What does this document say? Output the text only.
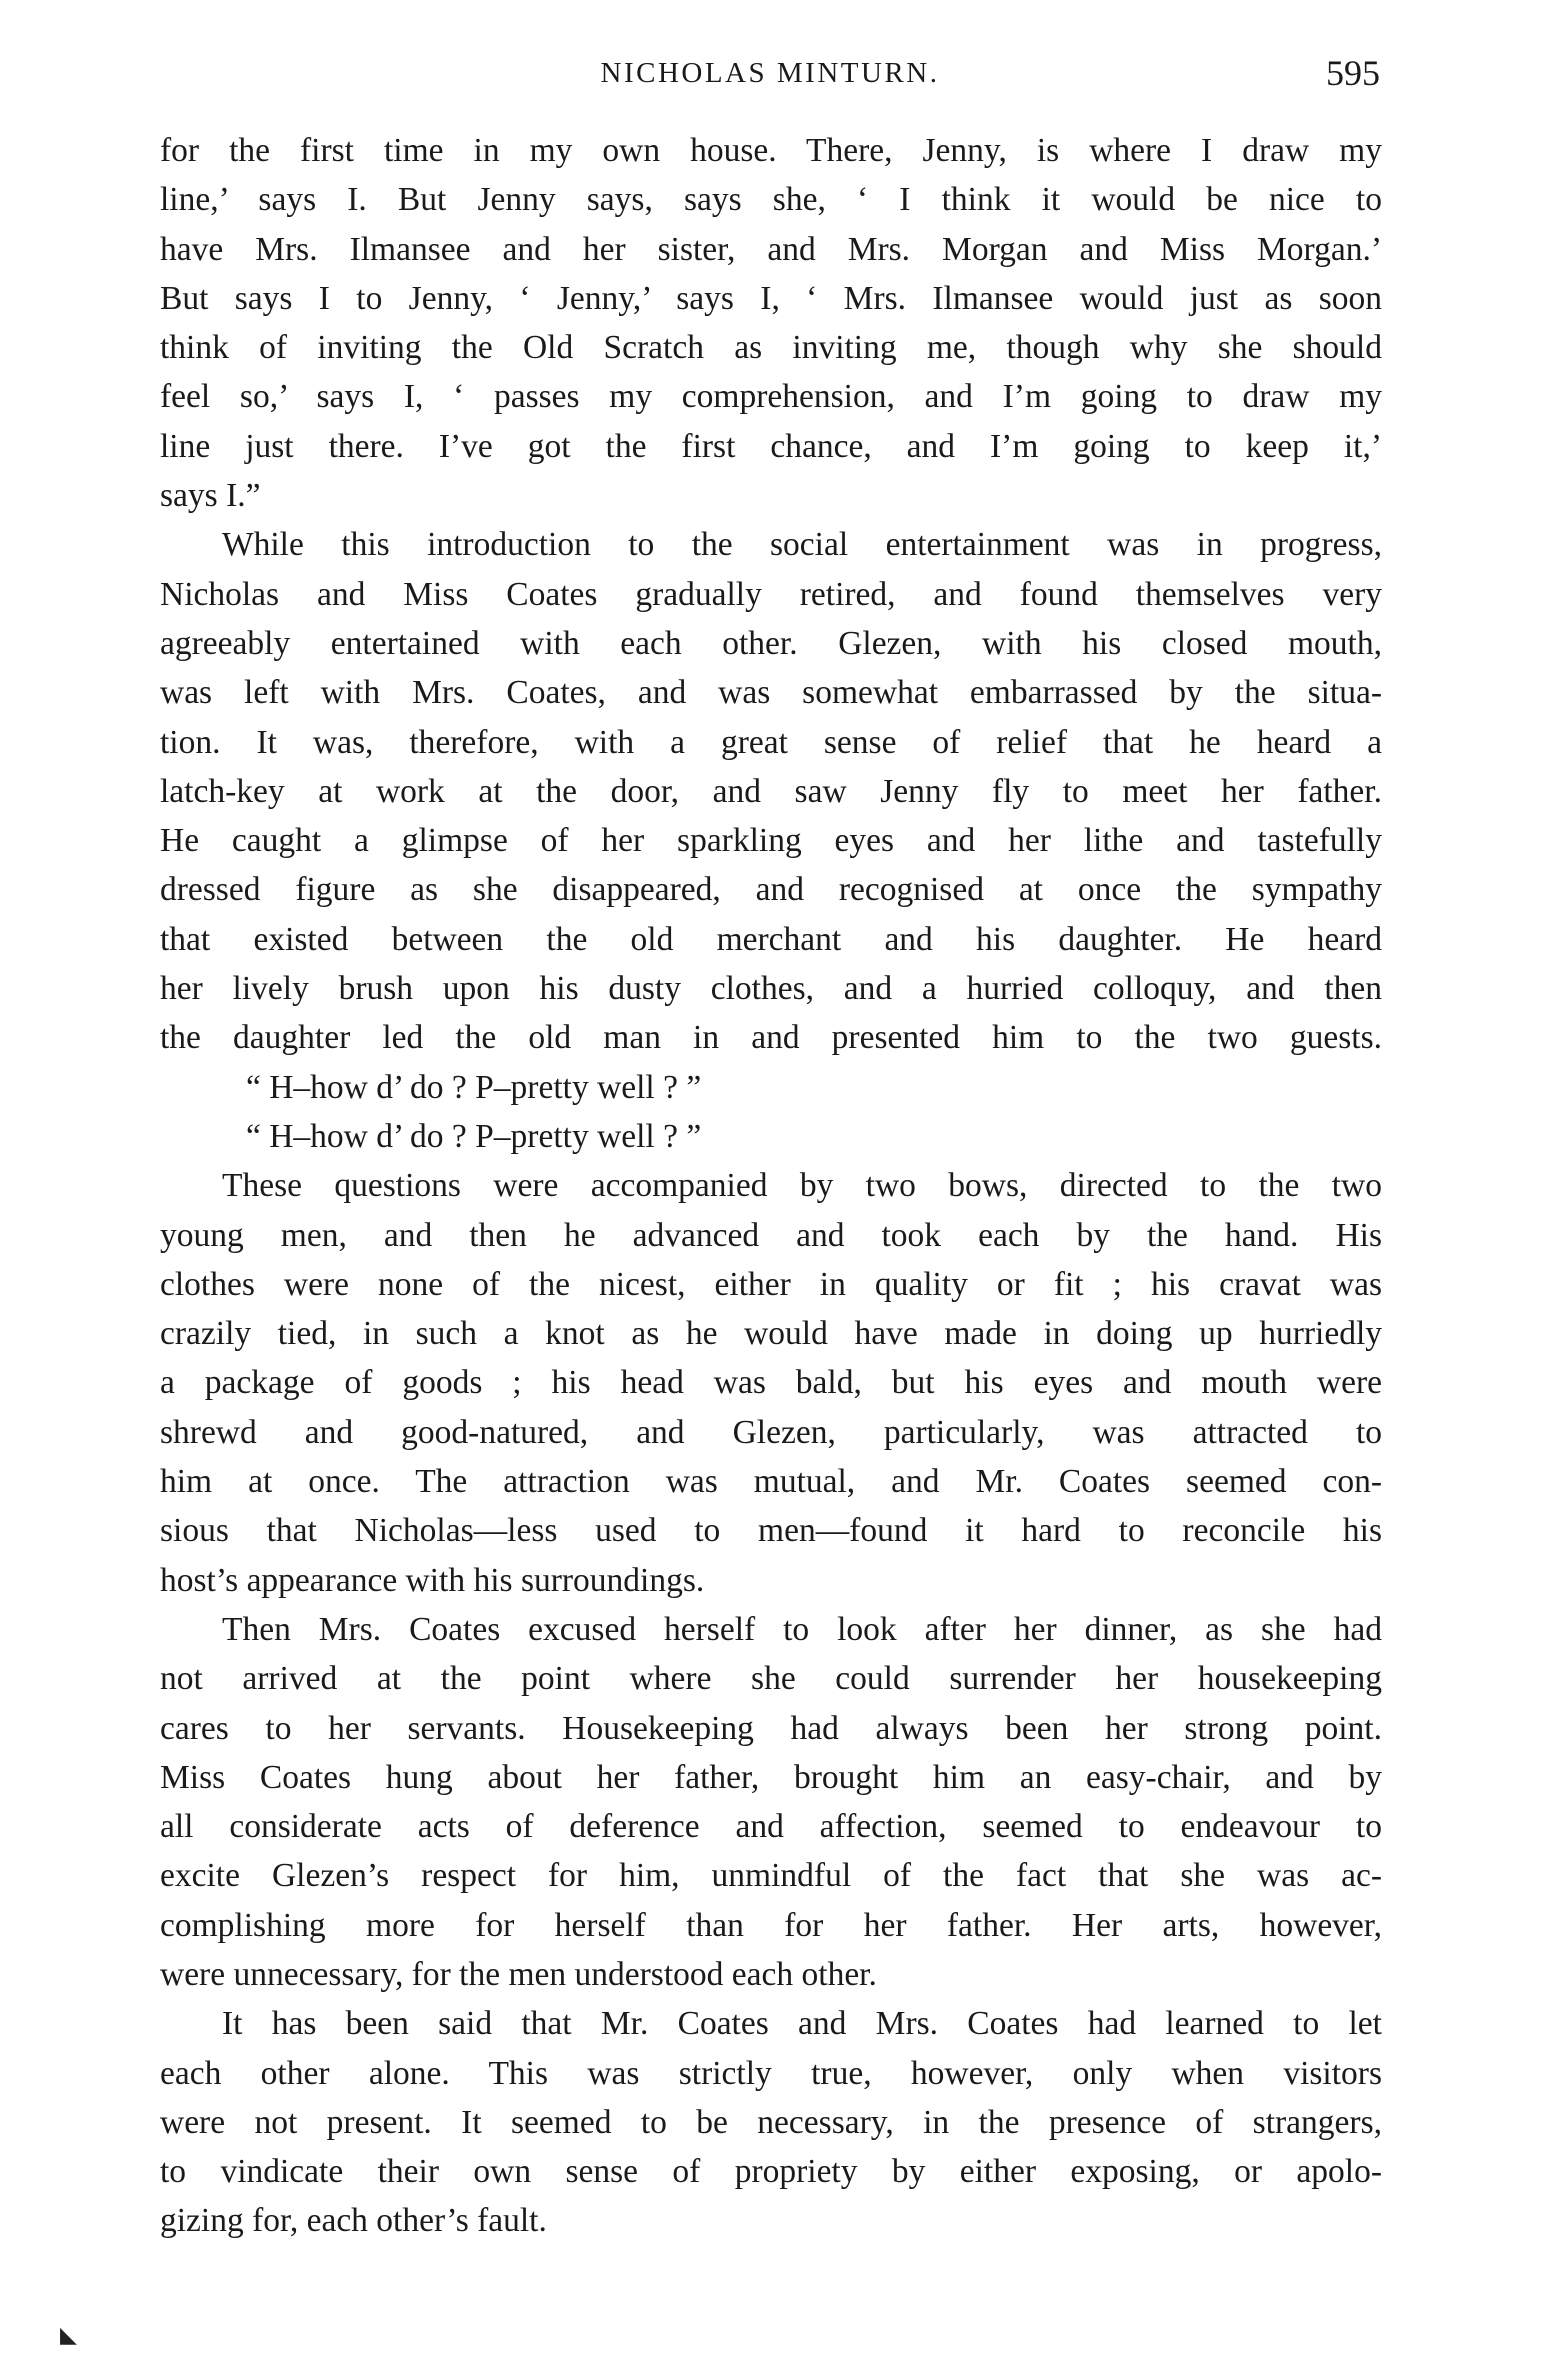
NICHOLAS MINTURN.	595
for the first time in my own house. There, Jenny, is where I draw my
line,’ says I. But Jenny says, says she, ‘ I think it would be nice to
have Mrs. Ilmansee and her sister, and Mrs. Morgan and Miss Morgan.’
But says I to Jenny, ‘ Jenny,’ says I, ‘ Mrs. Ilmansee would just as soon
think of inviting the Old Scratch as inviting me, though why she should
feel so,’ says I, ‘ passes my comprehension, and I’m going to draw my
line just there. I’ve got the first chance, and I’m going to keep it,’
says I.”
While this introduction to the social entertainment was in progress,
Nicholas and Miss Coates gradually retired, and found themselves very
agreeably entertained with each other. Glezen, with his closed mouth,
was left with Mrs. Coates, and was somewhat embarrassed by the situa-
tion. It was, therefore, with a great sense of relief that he heard a
latch-key at work at the door, and saw Jenny fly to meet her father.
He caught a glimpse of her sparkling eyes and her lithe and tastefully
dressed figure as she disappeared, and recognised at once the sympathy
that existed between the old merchant and his daughter. He heard
her lively brush upon his dusty clothes, and a hurried colloquy, and then
the daughter led the old man in and presented him to the two guests.
“ H–how d’ do ? P–pretty well ? ”
“ H–how d’ do ? P–pretty well ? ”
These questions were accompanied by two bows, directed to the two
young men, and then he advanced and took each by the hand. His
clothes were none of the nicest, either in quality or fit ; his cravat was
crazily tied, in such a knot as he would have made in doing up hurriedly
a package of goods ; his head was bald, but his eyes and mouth were
shrewd and good-natured, and Glezen, particularly, was attracted to
him at once. The attraction was mutual, and Mr. Coates seemed con-
sious that Nicholas—less used to men—found it hard to reconcile his
host’s appearance with his surroundings.
Then Mrs. Coates excused herself to look after her dinner, as she had
not arrived at the point where she could surrender her housekeeping
cares to her servants. Housekeeping had always been her strong point.
Miss Coates hung about her father, brought him an easy-chair, and by
all considerate acts of deference and affection, seemed to endeavour to
excite Glezen’s respect for him, unmindful of the fact that she was ac-
complishing more for herself than for her father. Her arts, however,
were unnecessary, for the men understood each other.
It has been said that Mr. Coates and Mrs. Coates had learned to let
each other alone. This was strictly true, however, only when visitors
were not present. It seemed to be necessary, in the presence of strangers,
to vindicate their own sense of propriety by either exposing, or apolo-
gizing for, each other’s fault.
◣
